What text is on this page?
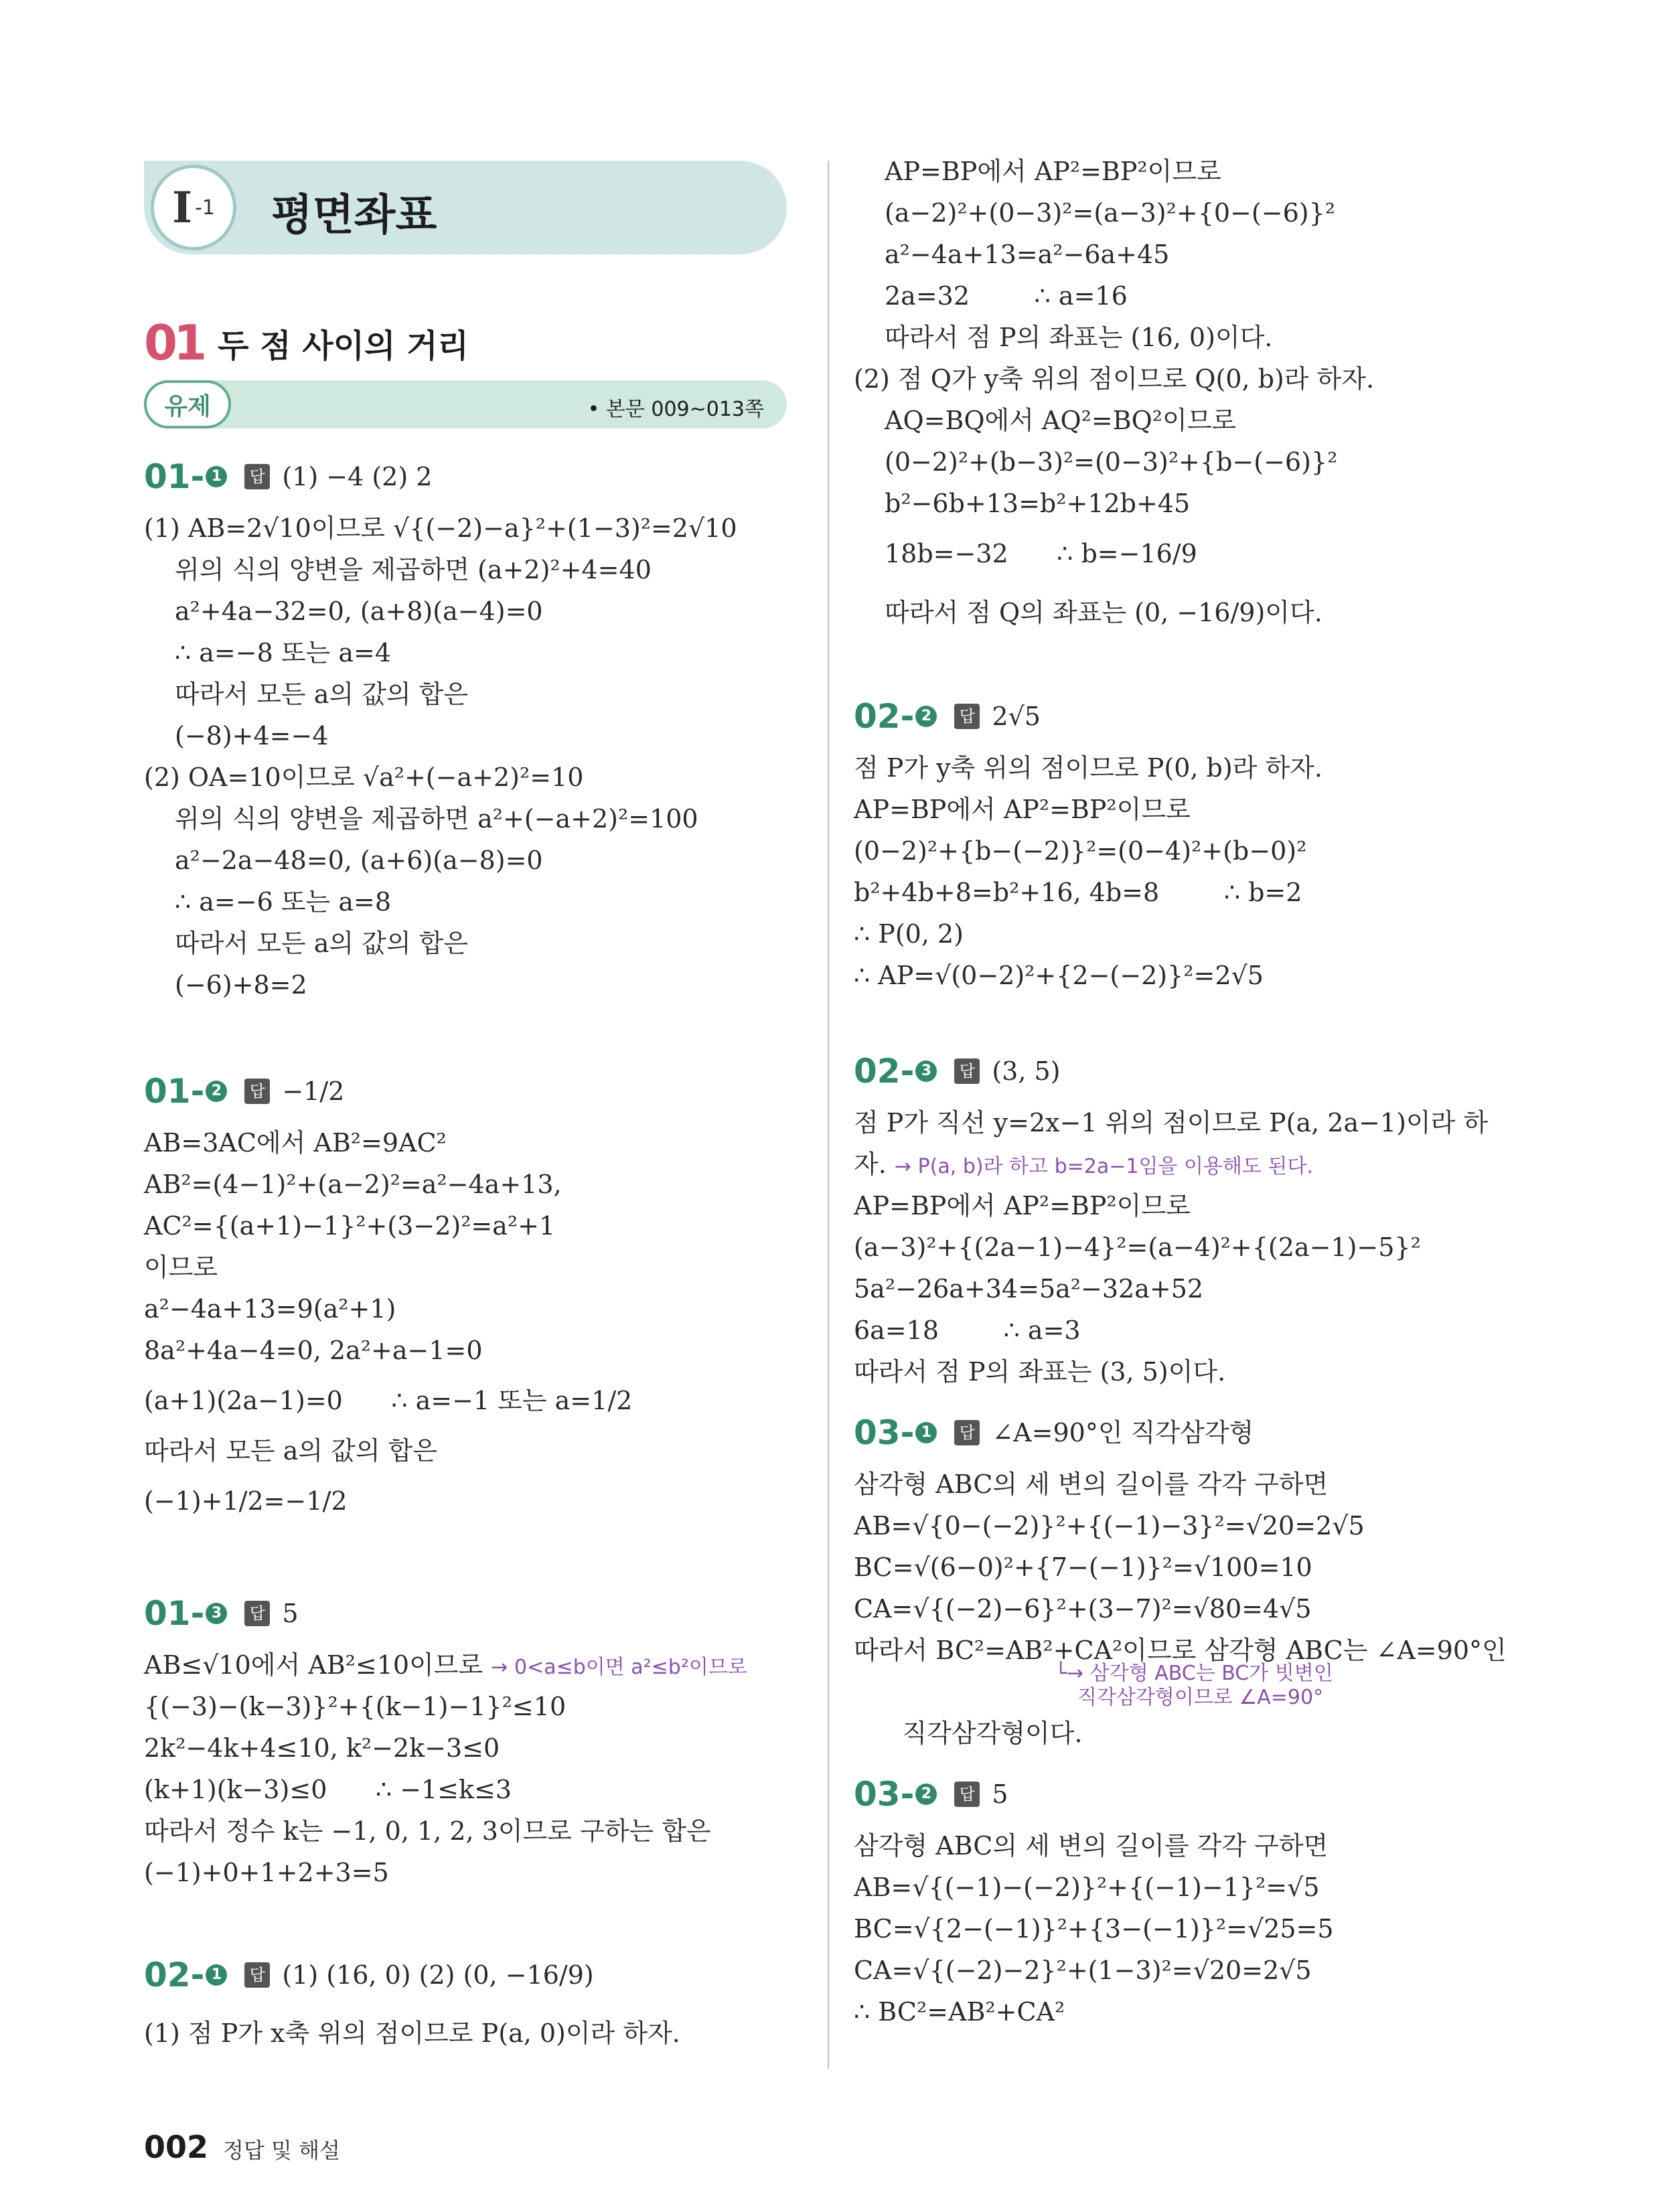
I -1 평면좌표
01 두 점 사이의 거리
유제	• 본문 009~013쪽
01- 1	답 (1) −4 (2) 2
(1) AB=2√10이므로 √{(−2)−a}²+(1−3)²=2√10
위의 식의 양변을 제곱하면 (a+2)²+4=40
a²+4a−32=0, (a+8)(a−4)=0
∴ a=−8 또는 a=4
따라서 모든 a의 값의 합은
(−8)+4=−4
(2) OA=10이므로 √a²+(−a+2)²=10
위의 식의 양변을 제곱하면 a²+(−a+2)²=100
a²−2a−48=0, (a+6)(a−8)=0
∴ a=−6 또는 a=8
따라서 모든 a의 값의 합은
(−6)+8=2
01- 2	답 −1/2
AB=3AC에서 AB²=9AC²
AB²=(4−1)²+(a−2)²=a²−4a+13,
AC²={(a+1)−1}²+(3−2)²=a²+1
이므로
a²−4a+13=9(a²+1)
8a²+4a−4=0, 2a²+a−1=0
(a+1)(2a−1)=0      ∴ a=−1 또는 a=1/2
따라서 모든 a의 값의 합은
(−1)+1/2=−1/2
01- 3	답 5
AB≤√10에서 AB²≤10이므로 → 0<a≤b이면 a²≤b²이므로
{(−3)−(k−3)}²+{(k−1)−1}²≤10
2k²−4k+4≤10, k²−2k−3≤0
(k+1)(k−3)≤0      ∴ −1≤k≤3
따라서 정수 k는 −1, 0, 1, 2, 3이므로 구하는 합은
(−1)+0+1+2+3=5
02- 1	답 (1) (16, 0) (2) (0, −16/9)
(1) 점 P가 x축 위의 점이므로 P(a, 0)이라 하자.
AP=BP에서 AP²=BP²이므로
(a−2)²+(0−3)²=(a−3)²+{0−(−6)}²
a²−4a+13=a²−6a+45
2a=32        ∴ a=16
따라서 점 P의 좌표는 (16, 0)이다.
(2) 점 Q가 y축 위의 점이므로 Q(0, b)라 하자.
AQ=BQ에서 AQ²=BQ²이므로
(0−2)²+(b−3)²=(0−3)²+{b−(−6)}²
b²−6b+13=b²+12b+45
18b=−32      ∴ b=−16/9
따라서 점 Q의 좌표는 (0, −16/9)이다.
02- 2	답 2√5
점 P가 y축 위의 점이므로 P(0, b)라 하자.
AP=BP에서 AP²=BP²이므로
(0−2)²+{b−(−2)}²=(0−4)²+(b−0)²
b²+4b+8=b²+16, 4b=8        ∴ b=2
∴ P(0, 2)
∴ AP=√(0−2)²+{2−(−2)}²=2√5
02- 3	답 (3, 5)
점 P가 직선 y=2x−1 위의 점이므로 P(a, 2a−1)이라 하
자. → P(a, b)라 하고 b=2a−1임을 이용해도 된다.
AP=BP에서 AP²=BP²이므로
(a−3)²+{(2a−1)−4}²=(a−4)²+{(2a−1)−5}²
5a²−26a+34=5a²−32a+52
6a=18        ∴ a=3
따라서 점 P의 좌표는 (3, 5)이다.
03- 1	답 ∠A=90°인 직각삼각형
삼각형 ABC의 세 변의 길이를 각각 구하면
AB=√{0−(−2)}²+{(−1)−3}²=√20=2√5
BC=√(6−0)²+{7−(−1)}²=√100=10
CA=√{(−2)−6}²+(3−7)²=√80=4√5
따라서 BC²=AB²+CA²이므로 삼각형 ABC는 ∠A=90°인

직각삼각형이다.

└→ 삼각형 ABC는 BC가 빗변인
직각삼각형이므로 ∠A=90°

03- 2	답 5
삼각형 ABC의 세 변의 길이를 각각 구하면
AB=√{(−1)−(−2)}²+{(−1)−1}²=√5
BC=√{2−(−1)}²+{3−(−1)}²=√25=5
CA=√{(−2)−2}²+(1−3)²=√20=2√5
∴ BC²=AB²+CA²
002 정답 및 해설
